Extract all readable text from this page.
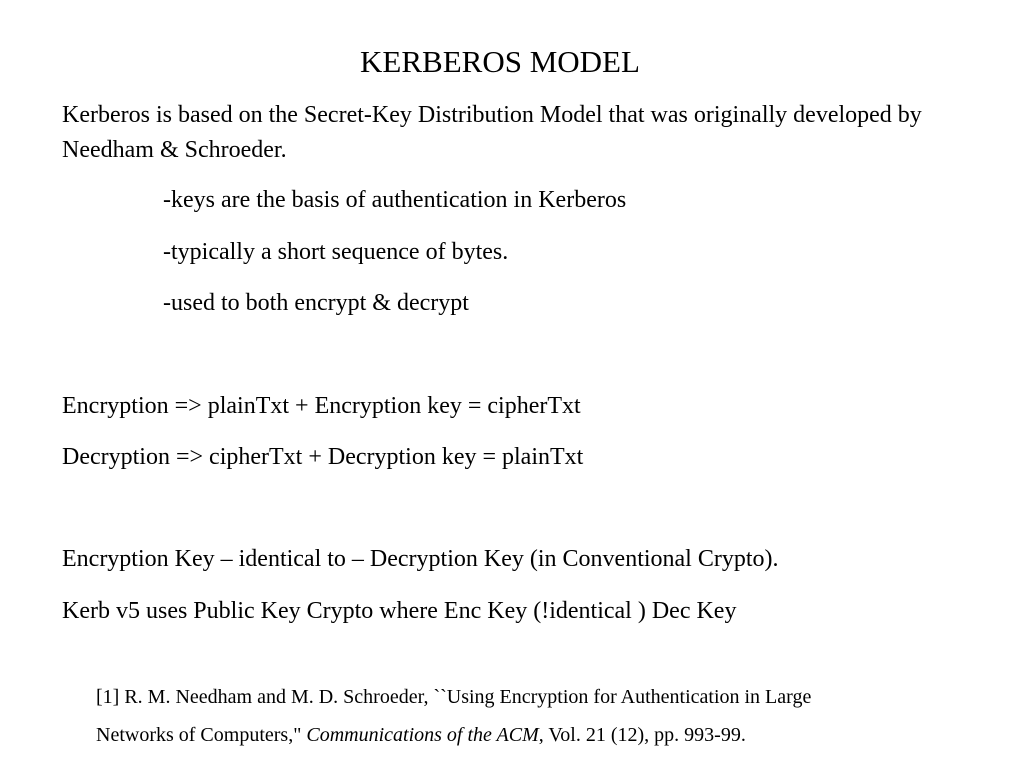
KERBEROS MODEL

Kerberos is based on the Secret-Key Distribution Model that was originally developed by Needham & Schroeder.

-keys are the basis of authentication in Kerberos

-typically a short sequence of bytes.

-used to both encrypt & decrypt

Encryption => plainTxt + Encryption key = cipherTxt

Decryption => cipherTxt + Decryption key = plainTxt

Encryption Key – identical to – Decryption Key (in Conventional Crypto).

Kerb v5 uses Public Key Crypto where Enc Key (!identical ) Dec Key

[1] R. M. Needham and M. D. Schroeder, ``Using Encryption for Authentication in Large
Networks of Computers," Communications of the ACM, Vol. 21 (12), pp. 993-99.
